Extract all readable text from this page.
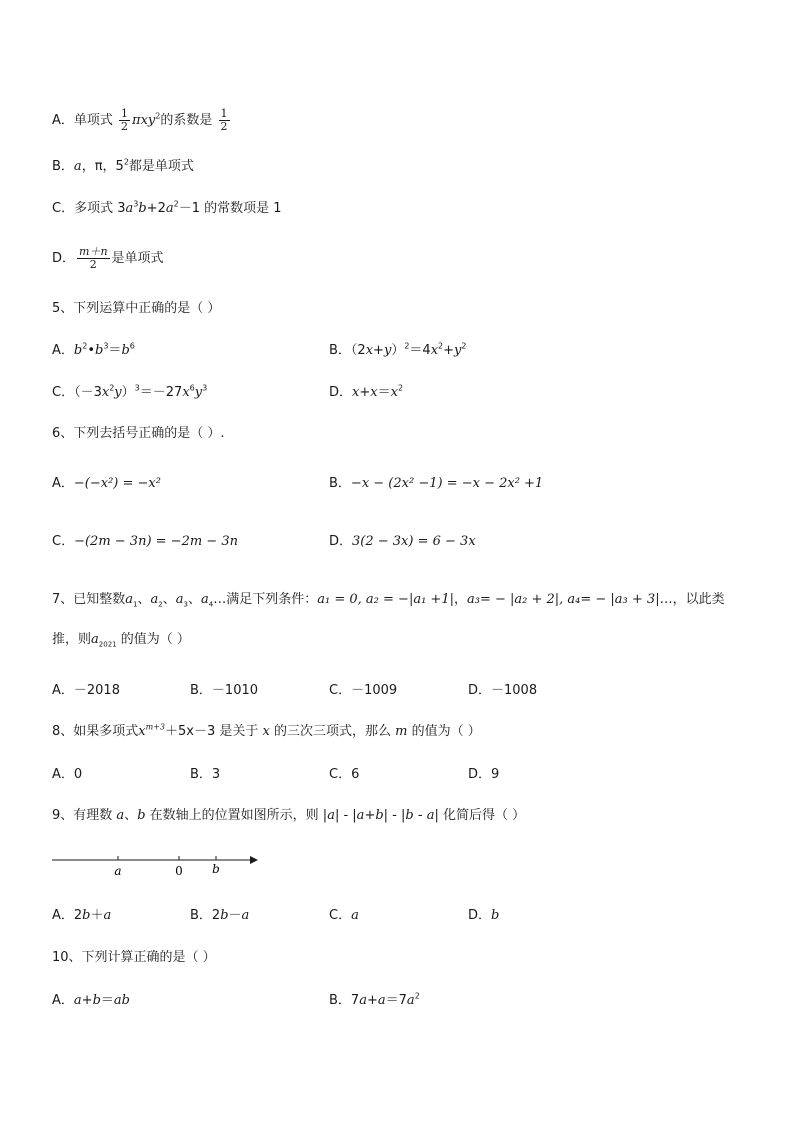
A．单项式 $\frac{1}{2} \pi xy^2$的系数是 $\frac{1}{2}$
B．a，π，$5^2$都是单项式
C．多项式 $3a^3b+2a^2-1$ 的常数项是 1
D． $\frac{m+n}{2}$ 是单项式
5、下列运算中正确的是（ ）
A．$b^2•b^3=b^6$	B．$(2x+y)^2=4x^2+y^2$
C．$(-3x^2y)^3=-27x^6y^3$	D．$x+x=x^2$
6、下列去括号正确的是（ ）.
A．−(−x²) = −x²	B．−x − (2x² −1) = −x − 2x² +1
C．−(2m − 3n) = −2m − 3n	D．3(2 − 3x) = 6 − 3x
7、已知整数$a_1$、$a_2$、$a_3$、$a_4\dots$满足下列条件：a₁ = 0, a₂ = −|a₁ +1|，a₃= − |a₂ + 2|, a₄= − |a₃ + 3|…，以此类
推，则$a_{2021}$ 的值为（ ）
A．－2018	B．－1010	C．－1009	D．－1008
8、如果多项式$x^{m+3}+5x-3$ 是关于 x 的三次三项式，那么 m 的值为（ ）
A．0	B．3	C．6	D．9
9、有理数 a、b 在数轴上的位置如图所示，则 |a| - |a+b| - |b - a| 化简后得（ ）
a	0 b
A．2b＋a	B．2b－a	C．a	D．b
10、下列计算正确的是（ ）
A．a+b＝ab	B．$7a+a=7a^2$
